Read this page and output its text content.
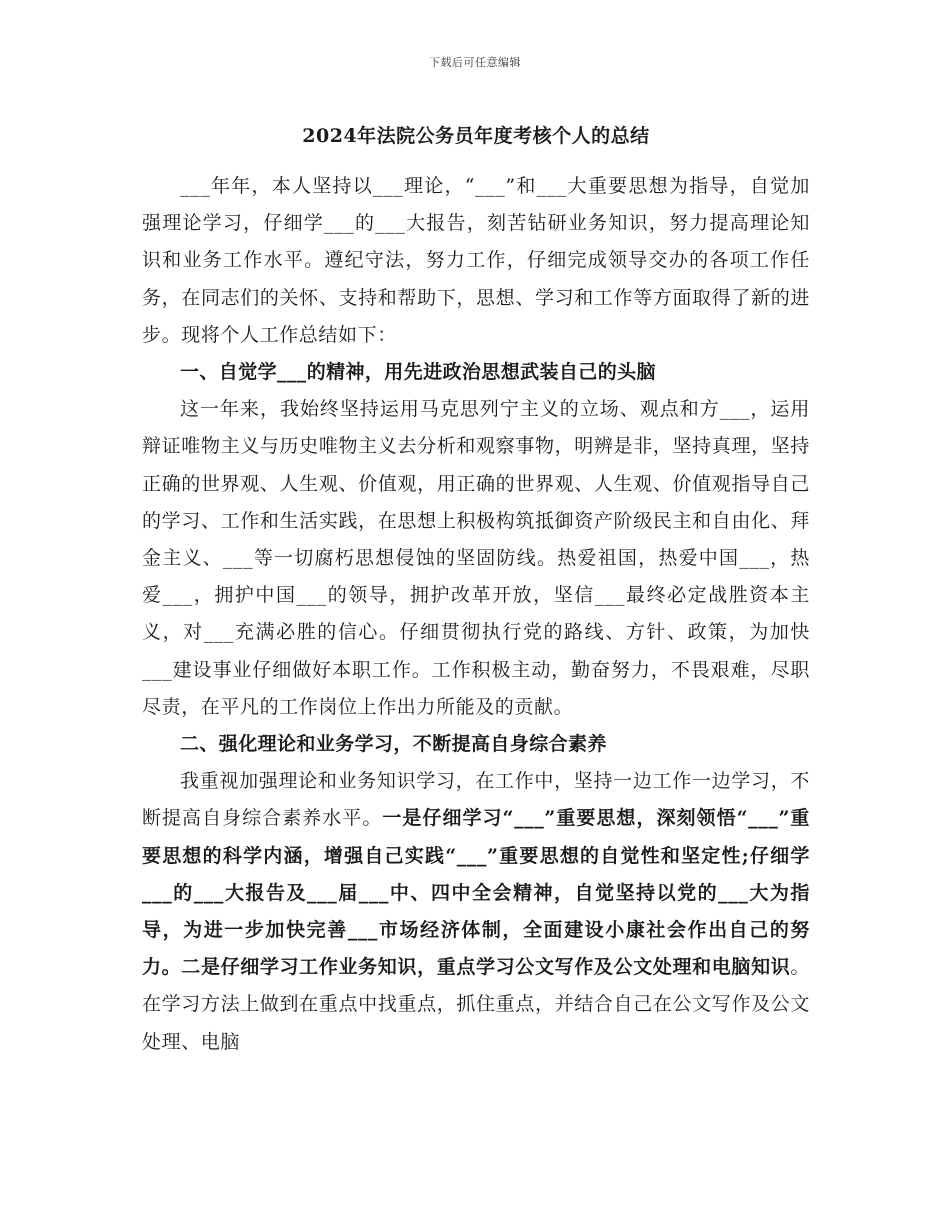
下载后可任意编辑
2024年法院公务员年度考核个人的总结

___年年，本人坚持以___理论，“___”和___大重要思想为指导，自觉加强理论学习，仔细学___的___大报告，刻苦钻研业务知识，努力提高理论知识和业务工作水平。遵纪守法，努力工作，仔细完成领导交办的各项工作任务，在同志们的关怀、支持和帮助下，思想、学习和工作等方面取得了新的进步。现将个人工作总结如下：

一、自觉学___的精神，用先进政治思想武装自己的头脑

这一年来，我始终坚持运用马克思列宁主义的立场、观点和方___，运用辩证唯物主义与历史唯物主义去分析和观察事物，明辨是非，坚持真理，坚持正确的世界观、人生观、价值观，用正确的世界观、人生观、价值观指导自己的学习、工作和生活实践，在思想上积极构筑抵御资产阶级民主和自由化、拜金主义、___等一切腐朽思想侵蚀的坚固防线。热爱祖国，热爱中国___，热爱___，拥护中国___的领导，拥护改革开放，坚信___最终必定战胜资本主义，对___充满必胜的信心。仔细贯彻执行党的路线、方针、政策，为加快___建设事业仔细做好本职工作。工作积极主动，勤奋努力，不畏艰难，尽职尽责，在平凡的工作岗位上作出力所能及的贡献。

二、强化理论和业务学习，不断提高自身综合素养

我重视加强理论和业务知识学习，在工作中，坚持一边工作一边学习，不断提高自身综合素养水平。一是仔细学习“___”重要思想，深刻领悟“___”重要思想的科学内涵，增强自己实践“___”重要思想的自觉性和坚定性;仔细学___的___大报告及___届___中、四中全会精神，自觉坚持以党的___大为指导，为进一步加快完善___市场经济体制，全面建设小康社会作出自己的努力。二是仔细学习工作业务知识，重点学习公文写作及公文处理和电脑知识。在学习方法上做到在重点中找重点，抓住重点，并结合自己在公文写作及公文处理、电脑
